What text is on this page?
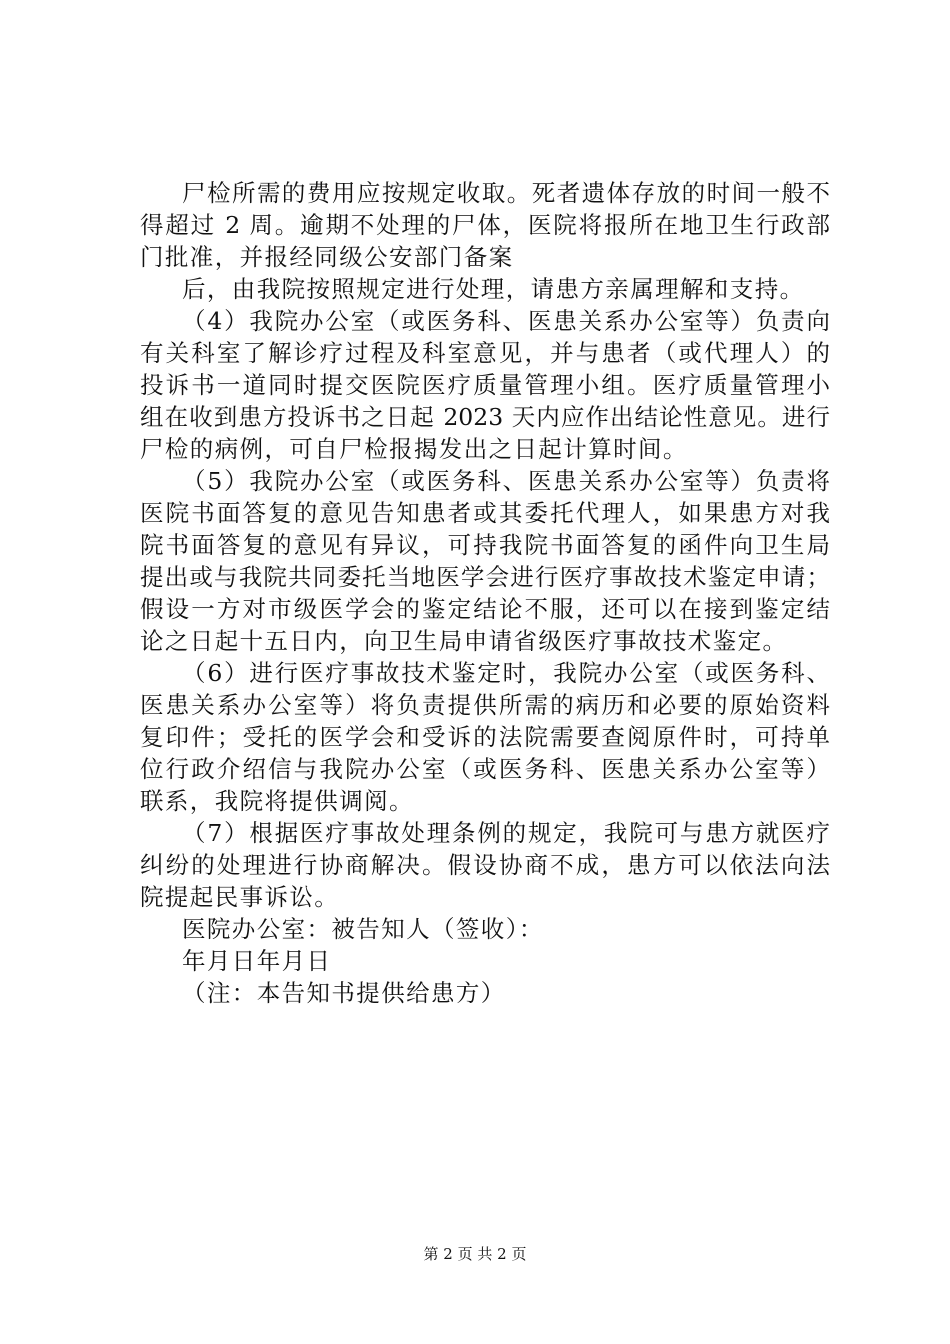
尸检所需的费用应按规定收取。死者遗体存放的时间一般不
得超过 2 周。逾期不处理的尸体，医院将报所在地卫生行政部
门批准，并报经同级公安部门备案
后，由我院按照规定进行处理，请患方亲属理解和支持。
（4）我院办公室（或医务科、医患关系办公室等）负责向
有关科室了解诊疗过程及科室意见，并与患者（或代理人）的
投诉书一道同时提交医院医疗质量管理小组。医疗质量管理小
组在收到患方投诉书之日起 2023 天内应作出结论性意见。进行
尸检的病例，可自尸检报揭发出之日起计算时间。
（5）我院办公室（或医务科、医患关系办公室等）负责将
医院书面答复的意见告知患者或其委托代理人，如果患方对我
院书面答复的意见有异议，可持我院书面答复的函件向卫生局
提出或与我院共同委托当地医学会进行医疗事故技术鉴定申请；
假设一方对市级医学会的鉴定结论不服，还可以在接到鉴定结
论之日起十五日内，向卫生局申请省级医疗事故技术鉴定。
（6）进行医疗事故技术鉴定时，我院办公室（或医务科、
医患关系办公室等）将负责提供所需的病历和必要的原始资料
复印件；受托的医学会和受诉的法院需要查阅原件时，可持单
位行政介绍信与我院办公室（或医务科、医患关系办公室等）
联系，我院将提供调阅。
（7）根据医疗事故处理条例的规定，我院可与患方就医疗
纠纷的处理进行协商解决。假设协商不成，患方可以依法向法
院提起民事诉讼。
医院办公室：被告知人（签收）：
年月日年月日
（注：本告知书提供给患方）
第 2 页 共 2 页
